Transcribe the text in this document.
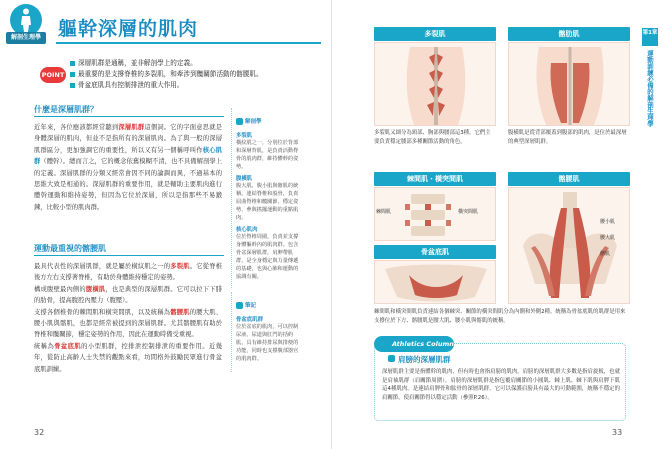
解剖生理學 軀幹深層的肌肉
POINT
深層肌群是通稱，並非解剖學上的定義。
最重要的是支撐脊椎的多裂肌，和牽涉到髖關節活動的髂腰肌。
骨盆底肌具有控制排泄的重大作用。
什麼是深層肌群？
近年來，各位應該都經常聽到深層肌群這個詞。它的字面意思就是身體深層的肌肉，但並不是指所有的深層肌肉。為了與一般的深層肌群區分，更加強調它的重要性，所以又有另一個稱呼叫作核心肌群（體幹）。總而言之，它的概念依舊模糊不清，也不具備解剖學上的定義。深層肌群的分類又經常會因不同的論調而異，不過基本的思維大致是相通的。深層肌群的重要作用，就是輔助主要肌肉進行體幹運動和維持姿勢，但因為它位於深層，所以是指那些不易鍛鍊，比較小型的肌肉群。
運動最重視的髂腰肌
最具代表性的深層肌群，就是屬於橫紋肌之一的多裂肌。它從脊椎後方左右支撐著脊椎，有助於身體維持穩定的姿勢。
構成腹壁最內側的腹橫肌，也是典型的深層肌群。它可以拉下下腓的肋骨，提高腹腔內壓力（腹壓）。
支撐各個椎骨的棘間肌和橫突間肌，以及統稱為髂腰肌的腰大肌、腰小肌與髂肌，也都是經常被提到的深層肌群。尤其髂腰肌有助於脊椎和髖關節，穩定姿勢的作用，因此在運動時備受重視。
統稱為骨盆底肌的小型肌群，控排泄控制排泄的重要作用。近幾年，從防止高齡人士失禁的觀點來看，坊間格外鼓勵民眾進行骨盆底肌訓練。
解剖學
多裂肌
橫紋肌之一，分別位於背部和深層背肌，是負責活動脊骨的肌肉群，維持體幹的姿勢。
腹橫肌
腹大肌，腹小肌與髂肌的統稱。連結脊椎和股骨，負責屈曲脊椎和髖關節，穩定姿勢，參與搖擺運動的重點肌肉。
核心肌肉
位於脊椎周圍，負責並支撐身體軀幹內的肌肉群。包含骨盆深層肌群，肩胛帶肌群，是全身穩定與力量傳遞的基礎，也與心肺和運動的協調有關。
筆記
骨盆底肌群
位於盆底的肌肉，可以控制尿液、尿道與肛門的括約肌，具有維持排尿與排便的功能，同時也支撐腹部器官的肌肉群。
32
多裂肌
多裂肌又細分為頸部、胸部與腰部這3種，它們主要負責穩定腰部多種關節活動的角色。
髂肋肌
腹橫肌是從背部覆蓋到腹部的肌肉，是位於最深層的典型深層肌群。
棘間肌・橫突間肌
棘間肌	橫突間肌
骨盆底肌
髂腰肌
腰小肌
腰大肌
髂肌
棘間肌和橫突間肌負責連結各個棘突、關節的橫突間肌分為內側和外側2種。統稱為骨盆底肌的肌群是用來支撐位於下方、髂腰肌是腰大肌、腰小肌與髂肌的統稱。
第1章
運動訓練必備的解剖生理學
Athletics Column
肩膀的深層肌群
深層肌群主要是指體幹的肌肉，但有時也會指肩膀的肌肉。肩膀的深層肌群大多數是指肩旋板，也就是肩袖肌群（肩關節周圍）。肩膀的深層肌群是指包覆肩關節的小圓肌、棘上肌、棘下肌與肩胛下肌這4種肌肉。是連結肩胛骨和肱骨的深層肌群，它可以保護肩膀具有最大的可動範圍，統稱不穩定的肩關節，使肩關節得以穩定活動（參照P.26）。
33
